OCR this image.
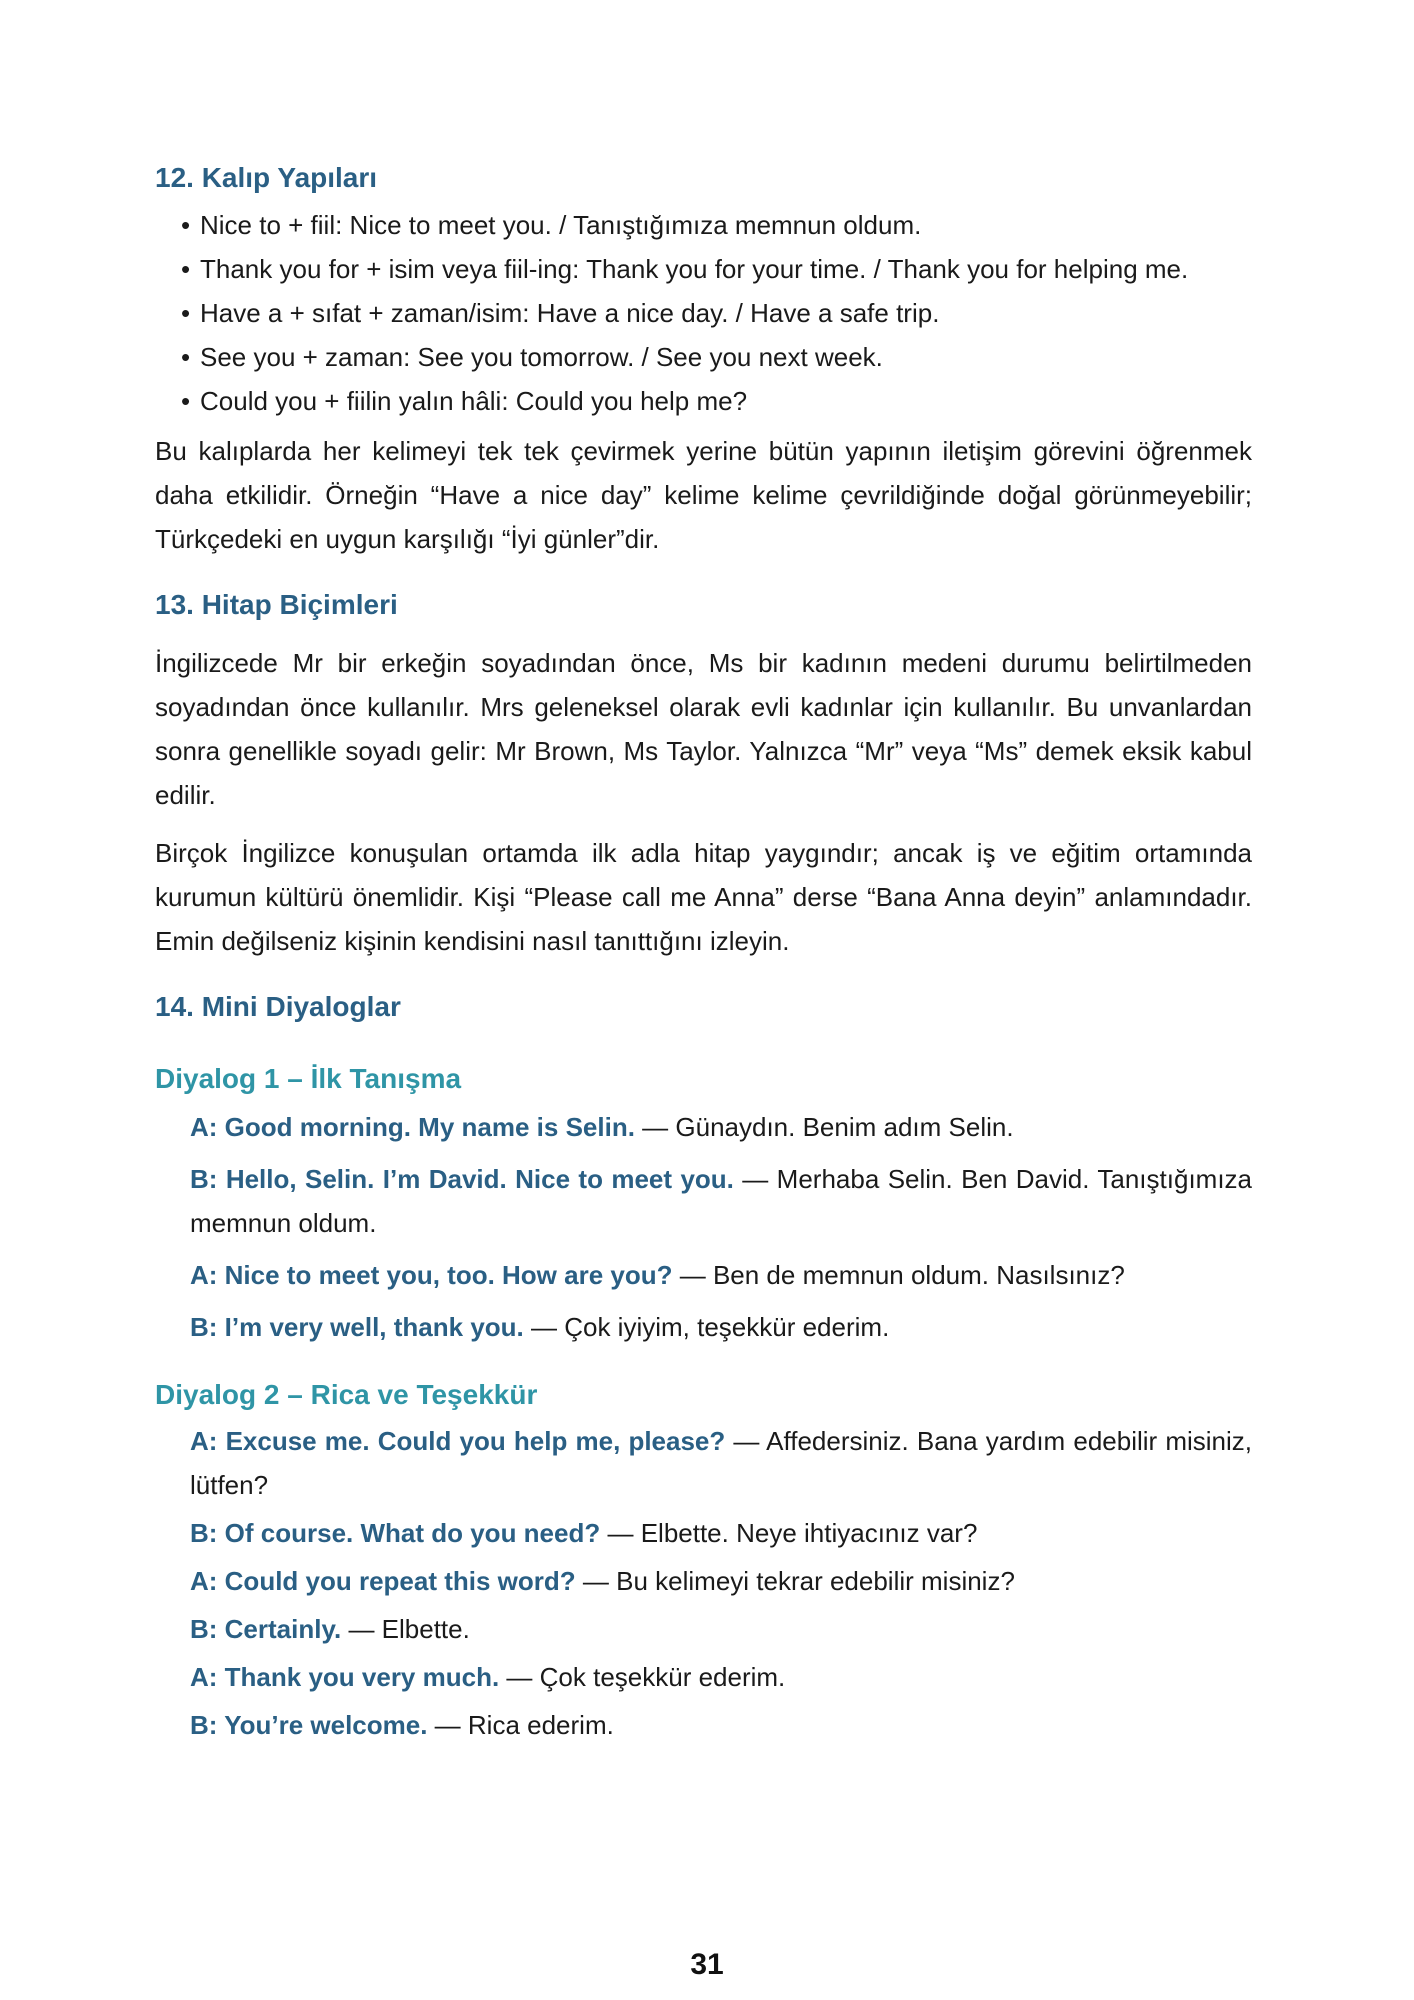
12. Kalıp Yapıları
• Nice to + fiil: Nice to meet you. / Tanıştığımıza memnun oldum.
• Thank you for + isim veya fiil-ing: Thank you for your time. / Thank you for helping me.
• Have a + sıfat + zaman/isim: Have a nice day. / Have a safe trip.
• See you + zaman: See you tomorrow. / See you next week.
• Could you + fiilin yalın hâli: Could you help me?

Bu kalıplarda her kelimeyi tek tek çevirmek yerine bütün yapının iletişim görevini öğrenmek daha etkilidir. Örneğin “Have a nice day” kelime kelime çevrildiğinde doğal görünmeyebilir; Türkçedeki en uygun karşılığı “İyi günler”dir.

13. Hitap Biçimleri

İngilizcede Mr bir erkeğin soyadından önce, Ms bir kadının medeni durumu belirtilmeden soyadından önce kullanılır. Mrs geleneksel olarak evli kadınlar için kullanılır. Bu unvanlardan sonra genellikle soyadı gelir: Mr Brown, Ms Taylor. Yalnızca “Mr” veya “Ms” demek eksik kabul edilir.

Birçok İngilizce konuşulan ortamda ilk adla hitap yaygındır; ancak iş ve eğitim ortamında kurumun kültürü önemlidir. Kişi “Please call me Anna” derse “Bana Anna deyin” anlamındadır. Emin değilseniz kişinin kendisini nasıl tanıttığını izleyin.

14. Mini Diyaloglar
Diyalog 1 – İlk Tanışma

A: Good morning. My name is Selin. — Günaydın. Benim adım Selin.

B: Hello, Selin. I’m David. Nice to meet you. — Merhaba Selin. Ben David. Tanıştığımıza memnun oldum.

A: Nice to meet you, too. How are you? — Ben de memnun oldum. Nasılsınız?

B: I’m very well, thank you. — Çok iyiyim, teşekkür ederim.

Diyalog 2 – Rica ve Teşekkür

A: Excuse me. Could you help me, please? — Affedersiniz. Bana yardım edebilir misiniz, lütfen?

B: Of course. What do you need? — Elbette. Neye ihtiyacınız var?

A: Could you repeat this word? — Bu kelimeyi tekrar edebilir misiniz?

B: Certainly. — Elbette.

A: Thank you very much. — Çok teşekkür ederim.

B: You’re welcome. — Rica ederim.

31
